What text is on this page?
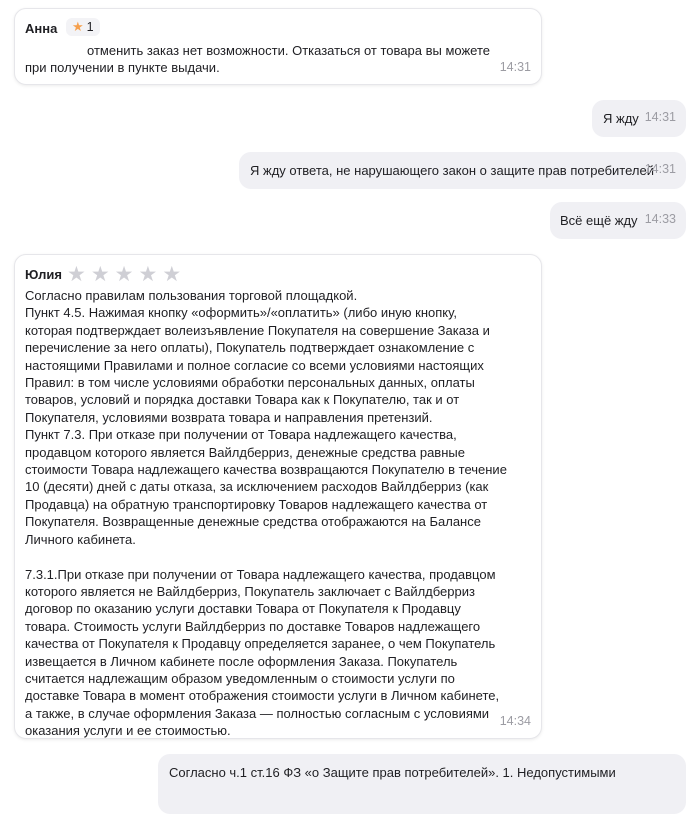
Анна ★ 1
отменить заказ нет возможности. Отказаться от товара вы можете
при получении в пункте выдачи.	14:31
Я жду 14:31
Я жду ответа, не нарушающего закон о защите прав потребителей
14:31
Всё ещё жду 14:33
Юлия ★ ★ ★ ★ ★
Согласно правилам пользования торговой площадкой.
Пункт 4.5. Нажимая кнопку «оформить»/«оплатить» (либо иную кнопку,
которая подтверждает волеизъявление Покупателя на совершение Заказа и
перечисление за него оплаты), Покупатель подтверждает ознакомление с
настоящими Правилами и полное согласие со всеми условиями настоящих
Правил: в том числе условиями обработки персональных данных, оплаты
товаров, условий и порядка доставки Товара как к Покупателю, так и от
Покупателя, условиями возврата товара и направления претензий.
Пункт 7.3. При отказе при получении от Товара надлежащего качества,
продавцом которого является Вайлдберриз, денежные средства равные
стоимости Товара надлежащего качества возвращаются Покупателю в течение
10 (десяти) дней с даты отказа, за исключением расходов Вайлдберриз (как
Продавца) на обратную транспортировку Товаров надлежащего качества от
Покупателя. Возвращенные денежные средства отображаются на Балансе
Личного кабинета.

7.3.1.При отказе при получении от Товара надлежащего качества, продавцом
которого является не Вайлдберриз, Покупатель заключает с Вайлдберриз
договор по оказанию услуги доставки Товара от Покупателя к Продавцу
товара. Стоимость услуги Вайлдберриз по доставке Товаров надлежащего
качества от Покупателя к Продавцу определяется заранее, о чем Покупатель
извещается в Личном кабинете после оформления Заказа. Покупатель
считается надлежащим образом уведомленным о стоимости услуги по
доставке Товара в момент отображения стоимости услуги в Личном кабинете,
а также, в случае оформления Заказа — полностью согласным с условиями
оказания услуги и ее стоимостью.
14:34
Согласно ч.1 ст.16 ФЗ «о Защите прав потребителей». 1. Недопустимыми
